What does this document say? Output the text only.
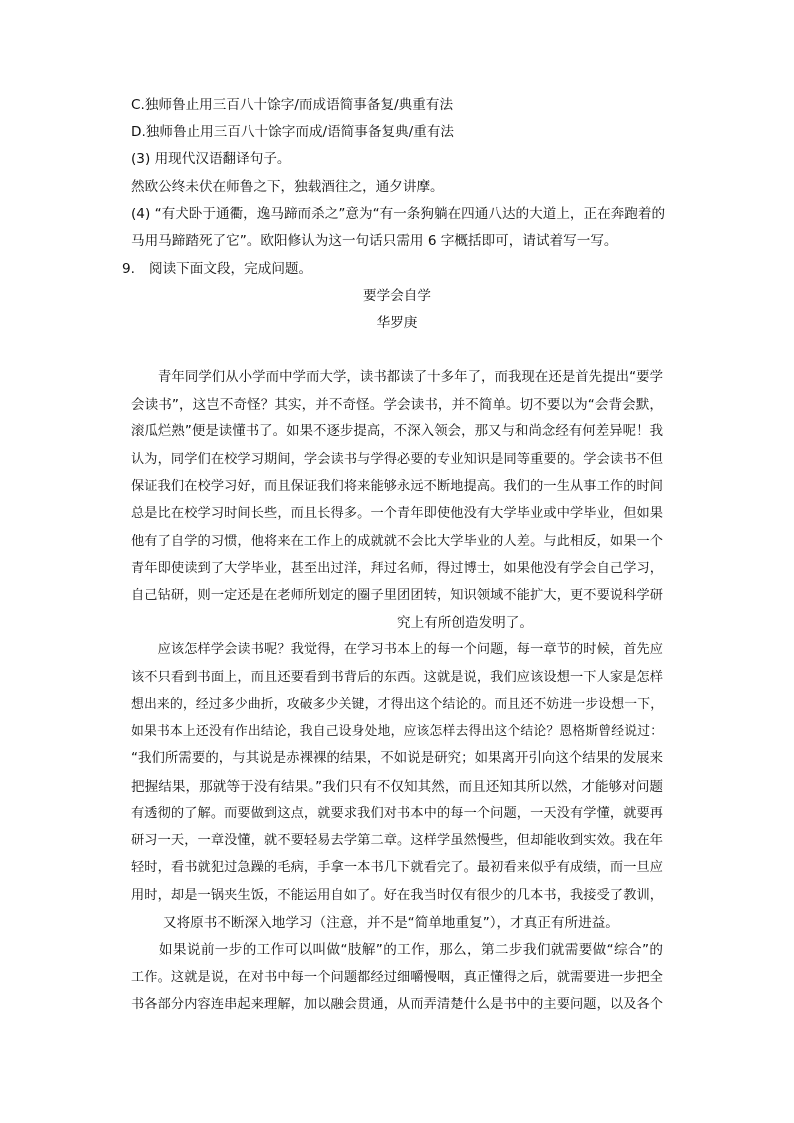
C.独师鲁止用三百八十馀字/而成语简事备复/典重有法
D.独师鲁止用三百八十馀字而成/语简事备复典/重有法
(3) 用现代汉语翻译句子。
然欧公终未伏在师鲁之下，独载酒往之，通夕讲摩。
(4) “有犬卧于通衢，逸马蹄而杀之”意为“有一条狗躺在四通八达的大道上，正在奔跑着的
马用马蹄踏死了它”。欧阳修认为这一句话只需用 6 字概括即可，请试着写一写。
9. 阅读下面文段，完成问题。
要学会自学
华罗庚
　　青年同学们从小学而中学而大学，读书都读了十多年了，而我现在还是首先提出“要学
会读书”，这岂不奇怪？其实，并不奇怪。学会读书，并不简单。切不要以为“会背会默，
滚瓜烂熟”便是读懂书了。如果不逐步提高，不深入领会，那又与和尚念经有何差异呢！我
认为，同学们在校学习期间，学会读书与学得必要的专业知识是同等重要的。学会读书不但
保证我们在校学习好，而且保证我们将来能够永远不断地提高。我们的一生从事工作的时间
总是比在校学习时间长些，而且长得多。一个青年即使他没有大学毕业或中学毕业，但如果
他有了自学的习惯，他将来在工作上的成就就不会比大学毕业的人差。与此相反，如果一个
青年即使读到了大学毕业，甚至出过洋，拜过名师，得过博士，如果他没有学会自己学习，
自己钻研，则一定还是在老师所划定的圈子里团团转，知识领域不能扩大，更不要说科学研
究上有所创造发明了。
　　应该怎样学会读书呢？我觉得，在学习书本上的每一个问题，每一章节的时候，首先应
该不只看到书面上，而且还要看到书背后的东西。这就是说，我们应该设想一下人家是怎样
想出来的，经过多少曲折，攻破多少关键，才得出这个结论的。而且还不妨进一步设想一下，
如果书本上还没有作出结论，我自己设身处地，应该怎样去得出这个结论？恩格斯曾经说过：
“我们所需要的，与其说是赤裸裸的结果，不如说是研究；如果离开引向这个结果的发展来
把握结果，那就等于没有结果。”我们只有不仅知其然，而且还知其所以然，才能够对问题
有透彻的了解。而要做到这点，就要求我们对书本中的每一个问题，一天没有学懂，就要再
研习一天，一章没懂，就不要轻易去学第二章。这样学虽然慢些，但却能收到实效。我在年
轻时，看书就犯过急躁的毛病，手拿一本书几下就看完了。最初看来似乎有成绩，而一旦应
用时，却是一锅夹生饭，不能运用自如了。好在我当时仅有很少的几本书，我接受了教训，
又将原书不断深入地学习（注意，并不是“简单地重复”），才真正有所进益。
　　如果说前一步的工作可以叫做“肢解”的工作，那么，第二步我们就需要做“综合”的
工作。这就是说，在对书中每一个问题都经过细嚼慢咽，真正懂得之后，就需要进一步把全
书各部分内容连串起来理解，加以融会贯通，从而弄清楚什么是书中的主要问题，以及各个
